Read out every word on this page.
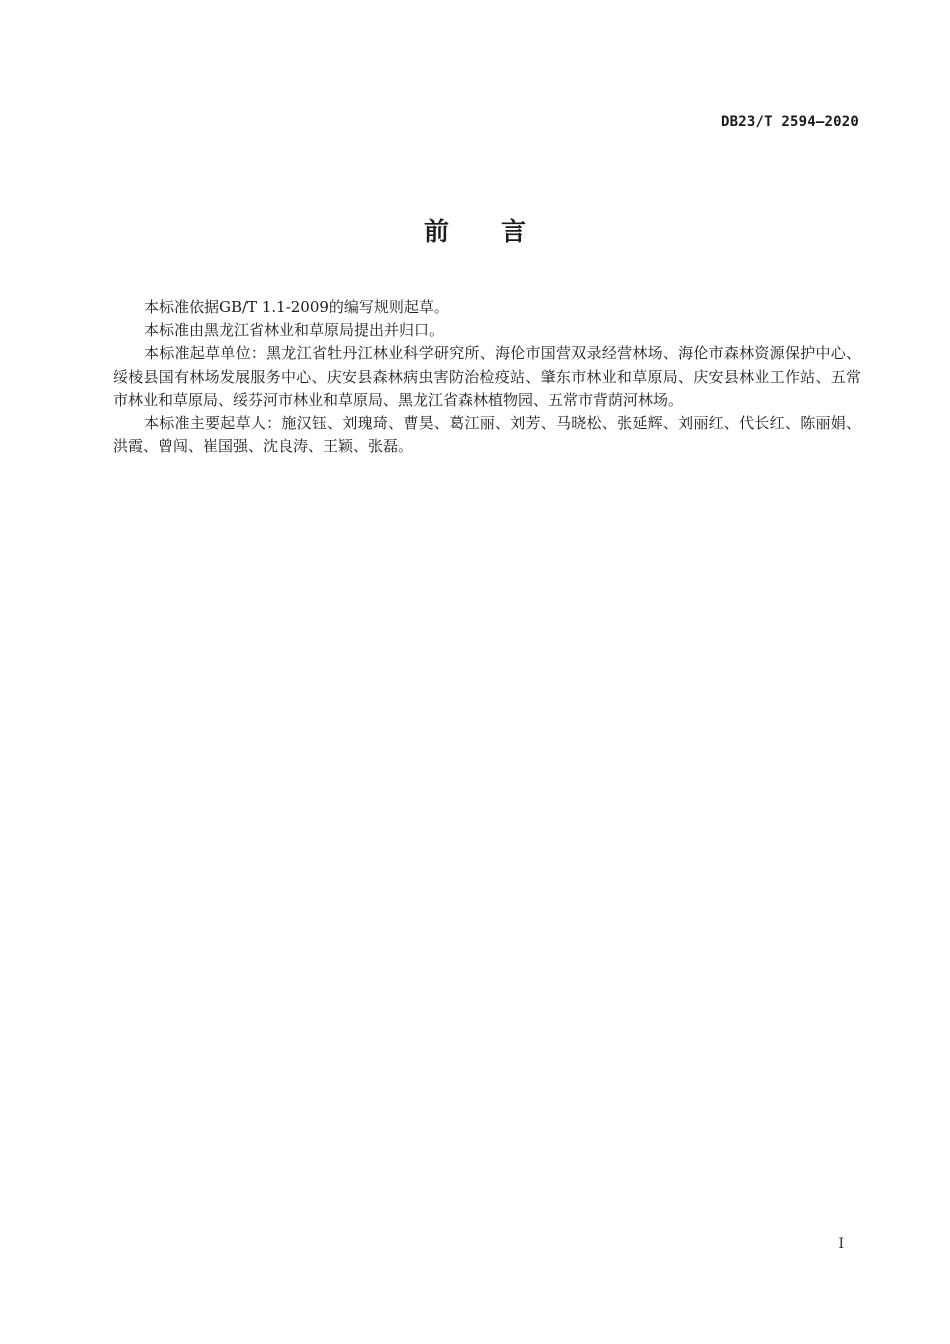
DB23/T 2594—2020
前言

本标准依据GB/T 1.1-2009的编写规则起草。

本标准由黑龙江省林业和草原局提出并归口。

本标准起草单位：黑龙江省牡丹江林业科学研究所、海伦市国营双录经营林场、海伦市森林资源保护中心、绥棱县国有林场发展服务中心、庆安县森林病虫害防治检疫站、肇东市林业和草原局、庆安县林业工作站、五常市林业和草原局、绥芬河市林业和草原局、黑龙江省森林植物园、五常市背荫河林场。

本标准主要起草人：施汉钰、刘瑰琦、曹昊、葛江丽、刘芳、马晓松、张延辉、刘丽红、代长红、陈丽娟、洪霞、曾闯、崔国强、沈良涛、王颖、张磊。

I
